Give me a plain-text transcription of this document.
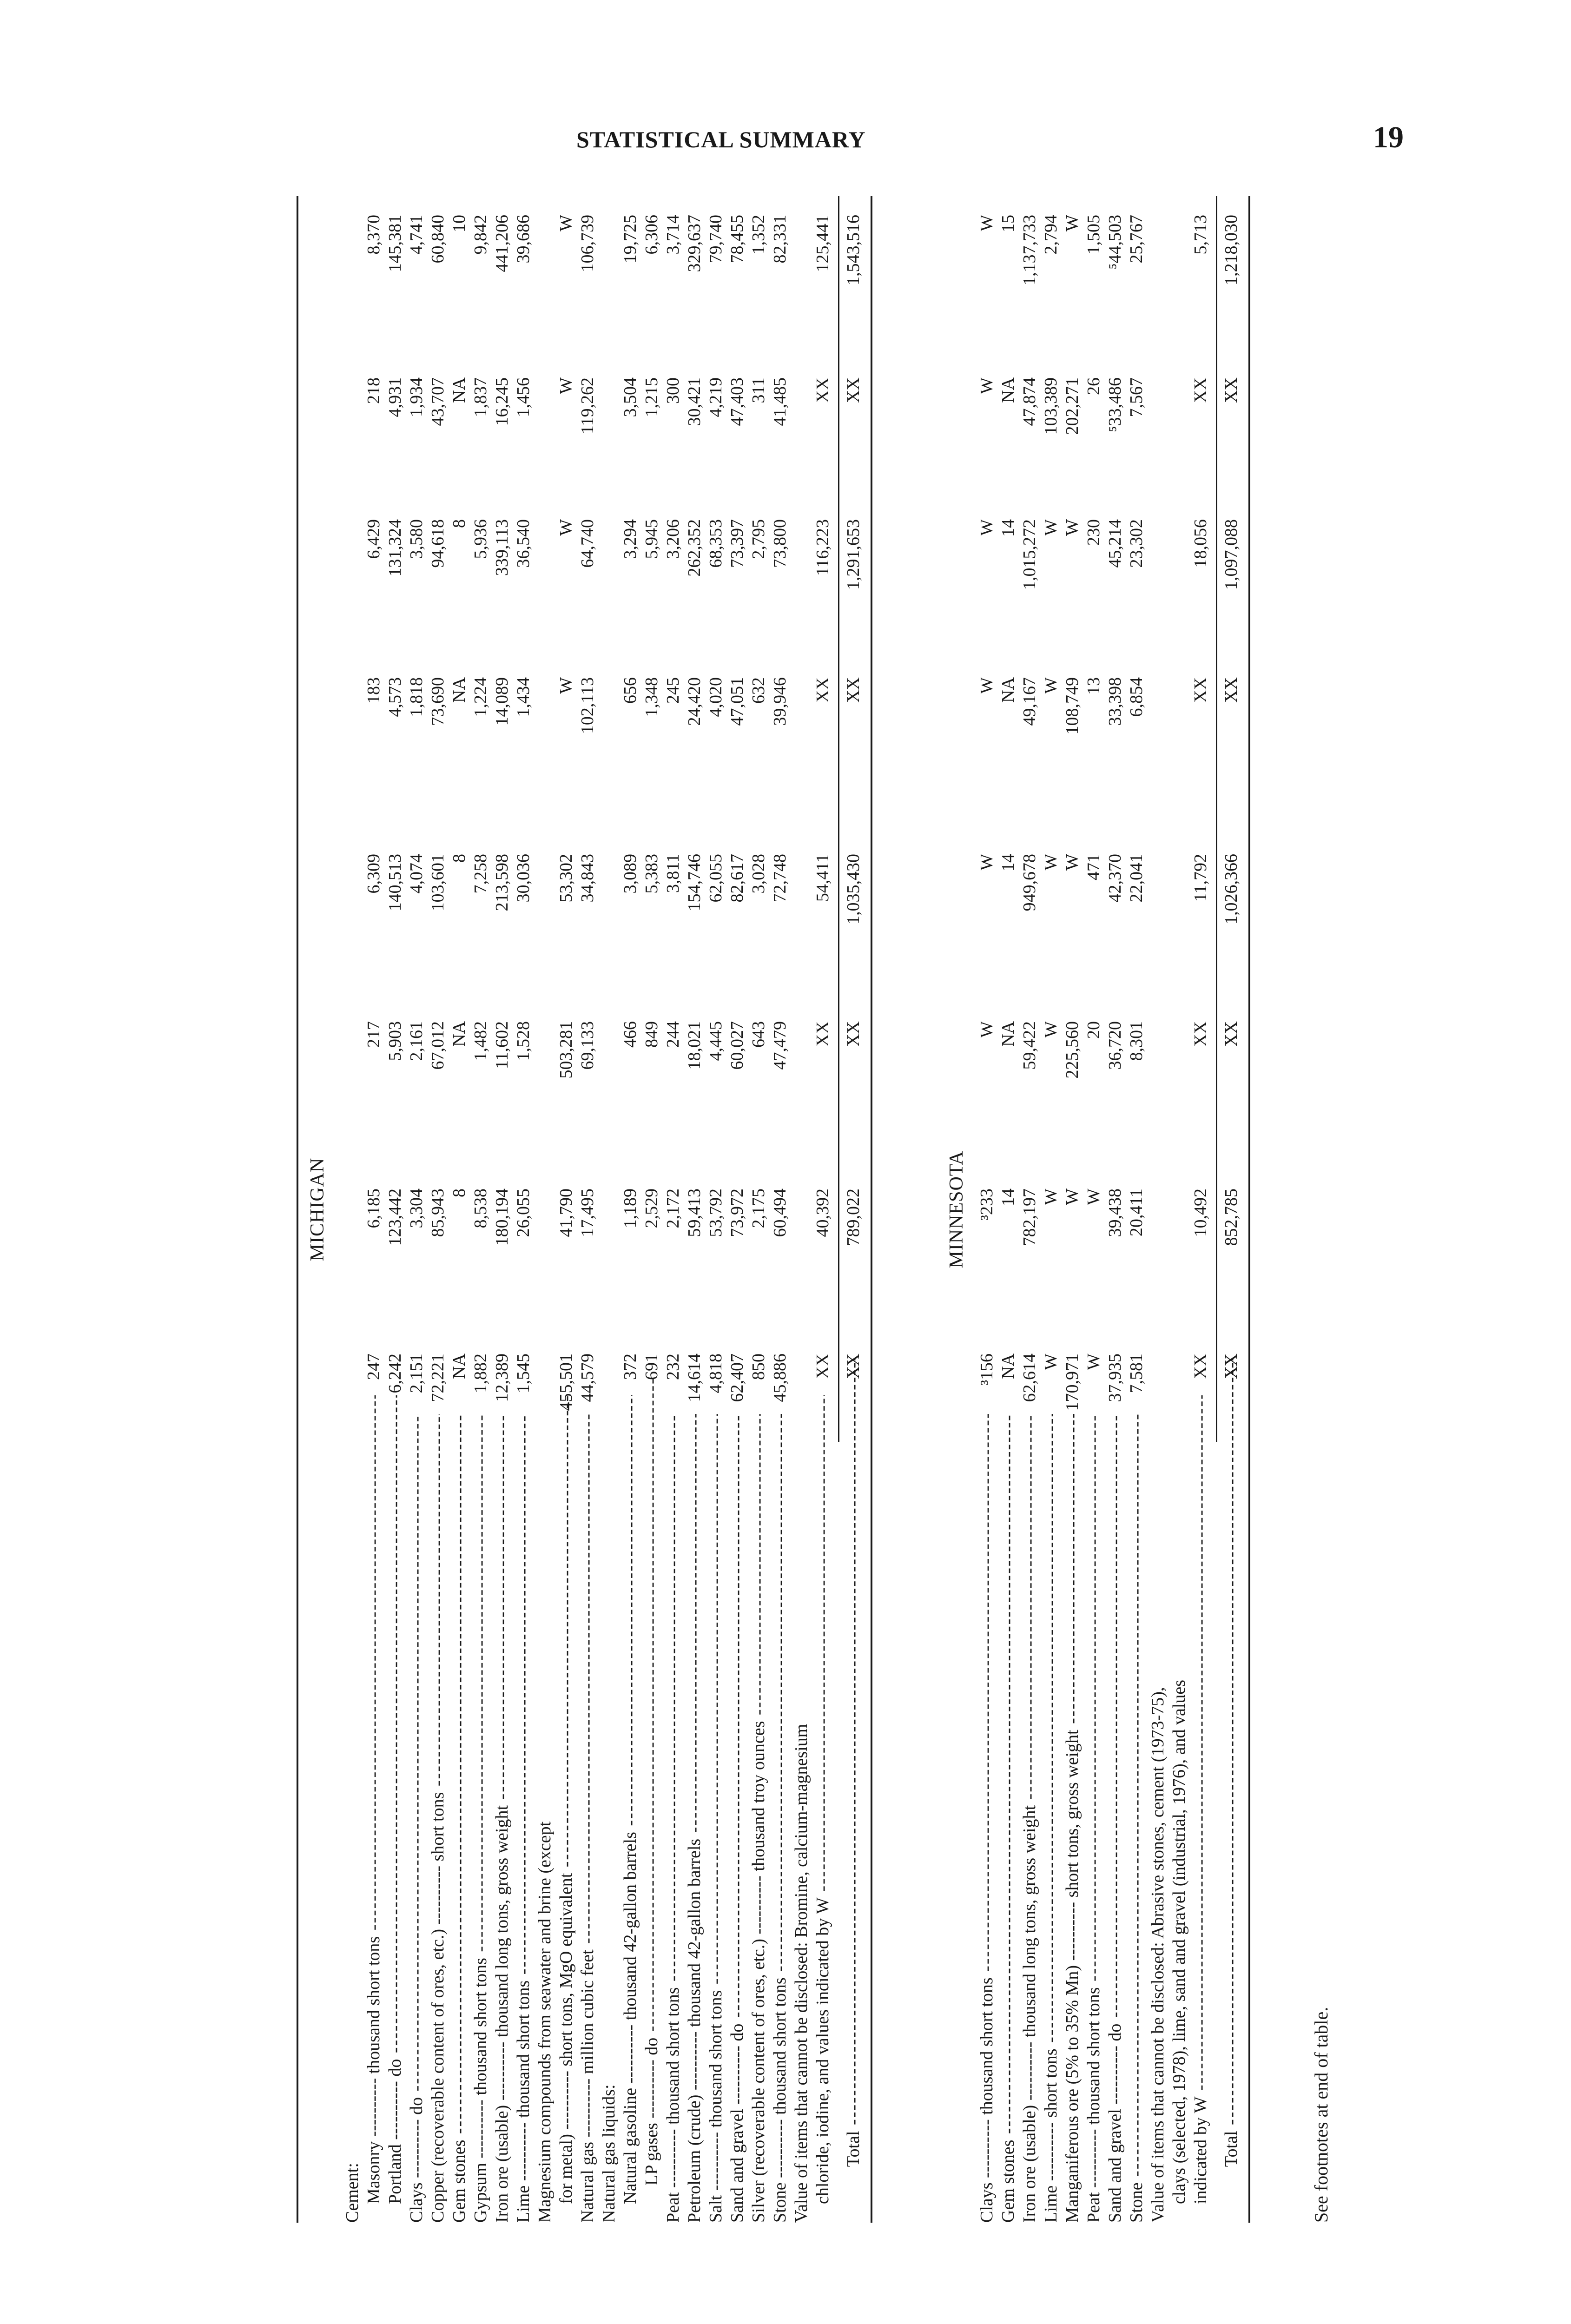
STATISTICAL SUMMARY	19
See footnotes at end of table.
MICHIGAN
Cement: Masonry ---------- thousand short tons -----
247
6,185
217
6,309
183
6,429
218
8,370
Portland ---------- do -----
6,242
123,442
5,903
140,513
4,573
131,324
4,931
145,381
Clays ---------- do -----
2,151
3,304
2,161
4,074
1,818
3,580
1,934
4,741
Copper (recoverable content of ores, etc.) ---------- short tons -----
72,221
85,943
67,012
103,601
73,690
94,618
43,707
60,840
Gem stones -----
NA
8
NA
8
NA
8
NA
10
Gypsum ---------- thousand short tons -----
1,882
8,538
1,482
7,258
1,224
5,936
1,837
9,842
Iron ore (usable) ---------- thousand long tons, gross weight -----
12,389
180,194
11,602
213,598
14,089
339,113
16,245
441,206
Lime ---------- thousand short tons -----
1,545
26,055
1,528
30,036
1,434
36,540
1,456
39,686
Magnesium compounds from seawater and brine (except for metal) ---------- short tons, MgO equivalent -----
455,501
41,790
503,281
53,302
W
W
W
W
Natural gas ---------- million cubic feet -----
44,579
17,495
69,133
34,843
102,113
64,740
119,262
106,739
Natural gas liquids: Natural gasoline ---------- thousand 42-gallon barrels -----
372
1,189
466
3,089
656
3,294
3,504
19,725
LP gases ---------- do -----
691
2,529
849
5,383
1,348
5,945
1,215
6,306
Peat ---------- thousand short tons -----
232
2,172
244
3,811
245
3,206
300
3,714
Petroleum (crude) ---------- thousand 42-gallon barrels -----
14,614
59,413
18,021
154,746
24,420
262,352
30,421
329,637
Salt ---------- thousand short tons -----
4,818
53,792
4,445
62,055
4,020
68,353
4,219
79,740
Sand and gravel ---------- do -----
62,407
73,972
60,027
82,617
47,051
73,397
47,403
78,455
Silver (recoverable content of ores, etc.) ---------- thousand troy ounces -----
850
2,175
643
3,028
632
2,795
311
1,352
Stone ---------- thousand short tons -----
45,886
60,494
47,479
72,748
39,946
73,800
41,485
82,331
Value of items that cannot be disclosed: Bromine, calcium-magnesium chloride, iodine, and values indicated by W -----
XX
40,392
XX
54,411
XX
116,223
XX
125,441
Total -----
XX
789,022
XX
1,035,430
XX
1,291,653
XX
1,543,516
MINNESOTA
Clays ---------- thousand short tons -----
³156
³233
W
W
W
W
W
W
Gem stones -----
NA
14
NA
14
NA
14
NA
15
Iron ore (usable) ---------- thousand long tons, gross weight -----
62,614
782,197
59,422
949,678
49,167
1,015,272
47,874
1,137,733
Lime ---------- short tons -----
W
W
W
W
W
W
103,389
2,794
Manganiferous ore (5% to 35% Mn) ---------- short tons, gross weight -----
170,971
W
225,560
W
108,749
W
202,271
W
Peat ---------- thousand short tons -----
W
W
20
471
13
230
26
1,505
Sand and gravel ---------- do -----
37,935
39,438
36,720
42,370
33,398
45,214
⁵33,486
⁵44,503
Stone -----
7,581
20,411
8,301
22,041
6,854
23,302
7,567
25,767
Value of items that cannot be disclosed: Abrasive stones, cement (1973-75), clays (selected, 1978), lime, sand and gravel (industrial, 1976), and values indicated by W -----
XX
10,492
XX
11,792
XX
18,056
XX
5,713
Total -----
XX
852,785
XX
1,026,366
XX
1,097,088
XX
1,218,030
